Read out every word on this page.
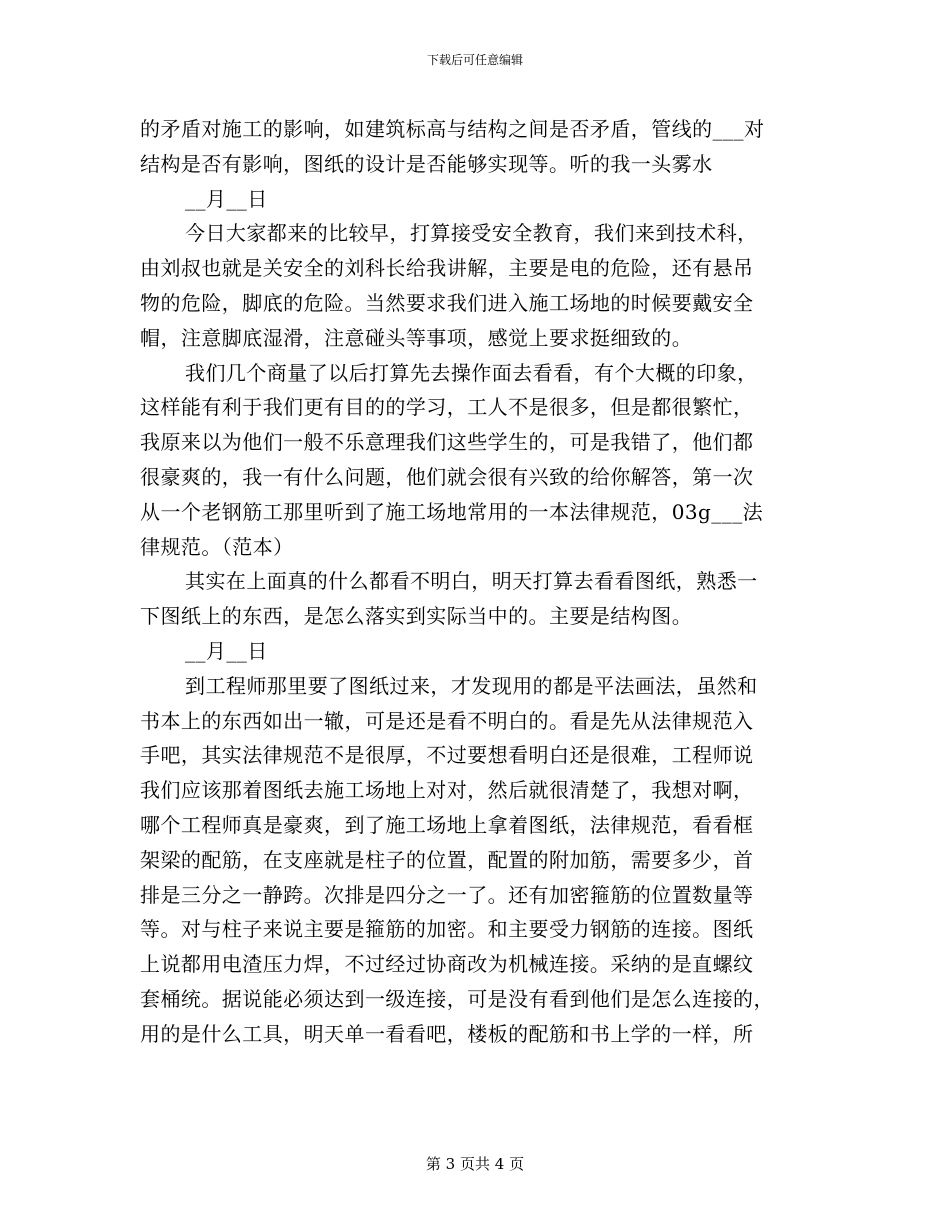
下载后可任意编辑
的矛盾对施工的影响，如建筑标高与结构之间是否矛盾，管线的___对
结构是否有影响，图纸的设计是否能够实现等。听的我一头雾水
__月__日
今日大家都来的比较早，打算接受安全教育，我们来到技术科，
由刘叔也就是关安全的刘科长给我讲解，主要是电的危险，还有悬吊
物的危险，脚底的危险。当然要求我们进入施工场地的时候要戴安全
帽，注意脚底湿滑，注意碰头等事项，感觉上要求挺细致的。
我们几个商量了以后打算先去操作面去看看，有个大概的印象，
这样能有利于我们更有目的的学习，工人不是很多，但是都很繁忙，
我原来以为他们一般不乐意理我们这些学生的，可是我错了，他们都
很豪爽的，我一有什么问题，他们就会很有兴致的给你解答，第一次
从一个老钢筋工那里听到了施工场地常用的一本法律规范，03g___法
律规范。（范本）
其实在上面真的什么都看不明白，明天打算去看看图纸，熟悉一
下图纸上的东西，是怎么落实到实际当中的。主要是结构图。
__月__日
到工程师那里要了图纸过来，才发现用的都是平法画法，虽然和
书本上的东西如出一辙，可是还是看不明白的。看是先从法律规范入
手吧，其实法律规范不是很厚，不过要想看明白还是很难，工程师说
我们应该那着图纸去施工场地上对对，然后就很清楚了，我想对啊，
哪个工程师真是豪爽，到了施工场地上拿着图纸，法律规范，看看框
架梁的配筋，在支座就是柱子的位置，配置的附加筋，需要多少，首
排是三分之一静跨。次排是四分之一了。还有加密箍筋的位置数量等
等。对与柱子来说主要是箍筋的加密。和主要受力钢筋的连接。图纸
上说都用电渣压力焊，不过经过协商改为机械连接。采纳的是直螺纹
套桶统。据说能必须达到一级连接，可是没有看到他们是怎么连接的，
用的是什么工具，明天单一看看吧，楼板的配筋和书上学的一样，所
第 3 页共 4 页
